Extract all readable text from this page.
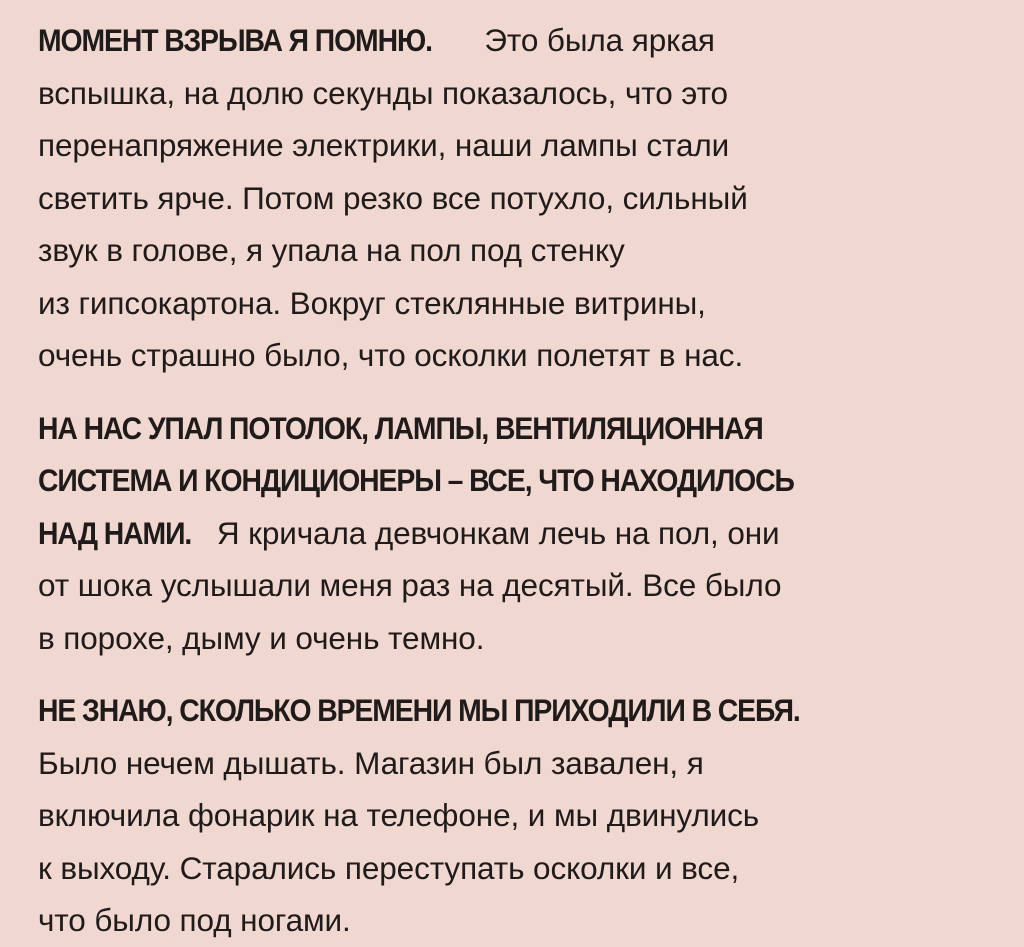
МОМЕНТ ВЗРЫВА Я ПОМНЮ. Это была яркая
вспышка, на долю секунды показалось, что это
перенапряжение электрики, наши лампы стали
светить ярче. Потом резко все потухло, сильный
звук в голове, я упала на пол под стенку
из гипсокартона. Вокруг стеклянные витрины,
очень страшно было, что осколки полетят в нас.

НА НАС УПАЛ ПОТОЛОК, ЛАМПЫ, ВЕНТИЛЯЦИОННАЯ
СИСТЕМА И КОНДИЦИОНЕРЫ – ВСЕ, ЧТО НАХОДИЛОСЬ
НАД НАМИ. Я кричала девчонкам лечь на пол, они
от шока услышали меня раз на десятый. Все было
в порохе, дыму и очень темно.

НЕ ЗНАЮ, СКОЛЬКО ВРЕМЕНИ МЫ ПРИХОДИЛИ В СЕБЯ.
Было нечем дышать. Магазин был завален, я
включила фонарик на телефоне, и мы двинулись
к выходу. Старались переступать осколки и все,
что было под ногами.
